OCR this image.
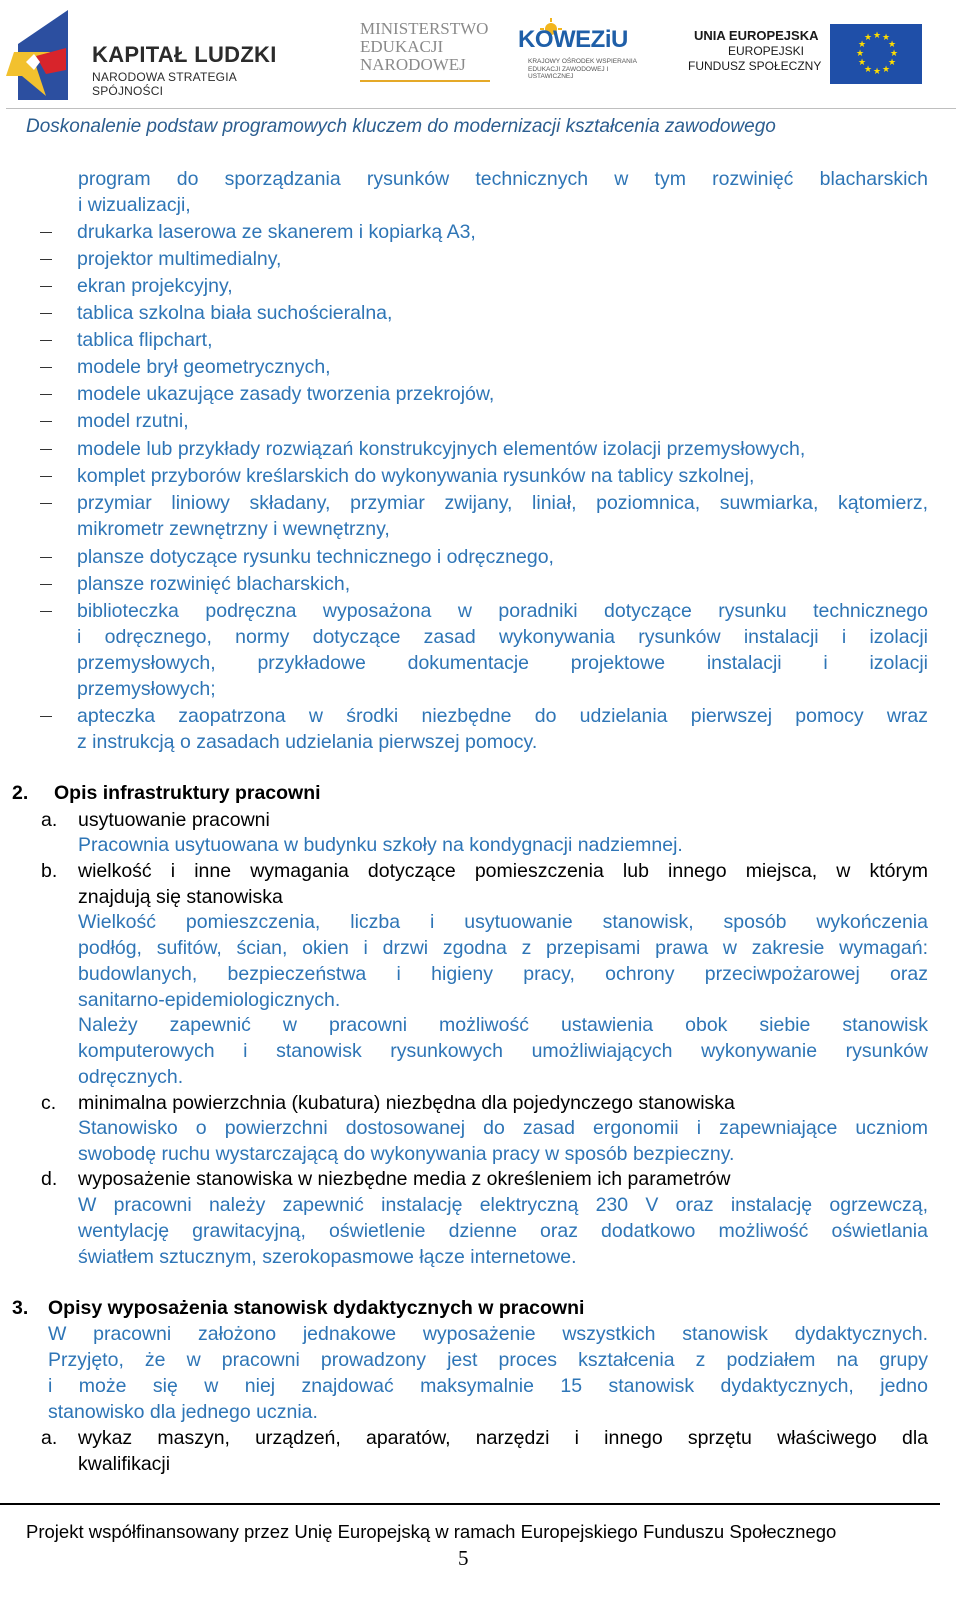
KAPITAŁ LUDZKI
NARODOWA STRATEGIA SPÓJNOŚCI
MINISTERSTWO
EDUKACJI
NARODOWEJ
KOWEZiU
KRAJOWY OŚRODEK WSPIERANIA
EDUKACJI ZAWODOWEJ I USTAWICZNEJ
UNIA EUROPEJSKA
EUROPEJSKI
FUNDUSZ SPOŁECZNY
★ ★
★
★
★
★
★
★
★
★
★
★
Doskonalenie podstaw programowych kluczem do modernizacji kształcenia zawodowego
program do sporządzania rysunków technicznych w tym rozwinięć blacharskich
i wizualizacji,
drukarka laserowa ze skanerem i kopiarką A3,
projektor multimedialny,
ekran projekcyjny,
tablica szkolna biała suchościeralna,
tablica flipchart,
modele brył geometrycznych,
modele ukazujące zasady tworzenia przekrojów,
model rzutni,
modele lub przykłady rozwiązań konstrukcyjnych elementów izolacji przemysłowych,
komplet przyborów kreślarskich do wykonywania rysunków na tablicy szkolnej,
przymiar liniowy składany, przymiar zwijany, liniał, poziomnica, suwmiarka, kątomierz,
mikrometr zewnętrzny i wewnętrzny,
plansze dotyczące rysunku technicznego i odręcznego,
plansze rozwinięć blacharskich,
biblioteczka podręczna wyposażona w poradniki dotyczące rysunku technicznego
i odręcznego, normy dotyczące zasad wykonywania rysunków instalacji i izolacji
przemysłowych, przykładowe dokumentacje projektowe instalacji i izolacji
przemysłowych;
apteczka zaopatrzona w środki niezbędne do udzielania pierwszej pomocy wraz
z instrukcją o zasadach udzielania pierwszej pomocy.
2. Opis infrastruktury pracowni
a. usytuowanie pracowni
Pracownia usytuowana w budynku szkoły na kondygnacji nadziemnej.
b. wielkość i inne wymagania dotyczące pomieszczenia lub innego miejsca, w którym
znajdują się stanowiska
Wielkość pomieszczenia, liczba i usytuowanie stanowisk, sposób wykończenia
podłóg, sufitów, ścian, okien i drzwi zgodna z przepisami prawa w zakresie wymagań:
budowlanych, bezpieczeństwa i higieny pracy, ochrony przeciwpożarowej oraz
sanitarno-epidemiologicznych.
Należy zapewnić w pracowni możliwość ustawienia obok siebie stanowisk
komputerowych i stanowisk rysunkowych umożliwiających wykonywanie rysunków
odręcznych.
c. minimalna powierzchnia (kubatura) niezbędna dla pojedynczego stanowiska
Stanowisko o powierzchni dostosowanej do zasad ergonomii i zapewniające uczniom
swobodę ruchu wystarczającą do wykonywania pracy w sposób bezpieczny.
d. wyposażenie stanowiska w niezbędne media z określeniem ich parametrów
W pracowni należy zapewnić instalację elektryczną 230 V oraz instalację ogrzewczą,
wentylację grawitacyjną, oświetlenie dzienne oraz dodatkowo możliwość oświetlania
światłem sztucznym, szerokopasmowe łącze internetowe.
3. Opisy wyposażenia stanowisk dydaktycznych w pracowni
W pracowni założono jednakowe wyposażenie wszystkich stanowisk dydaktycznych.
Przyjęto, że w pracowni prowadzony jest proces kształcenia z podziałem na grupy
i może się w niej znajdować maksymalnie 15 stanowisk dydaktycznych, jedno
stanowisko dla jednego ucznia.
a. wykaz maszyn, urządzeń, aparatów, narzędzi i innego sprzętu właściwego dla
kwalifikacji
Projekt współfinansowany przez Unię Europejską w ramach Europejskiego Funduszu Społecznego
5
